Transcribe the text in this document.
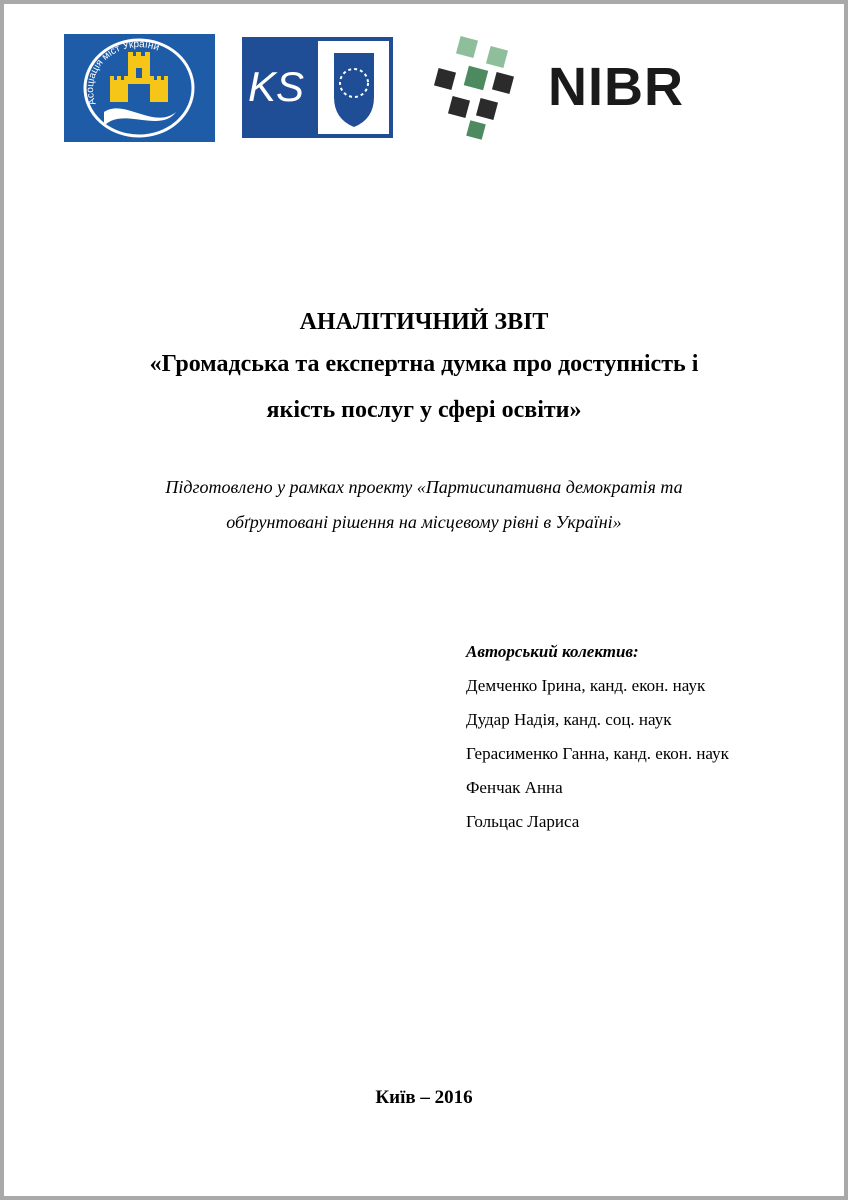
Асоціація міст України
KS	NIBR
АНАЛІТИЧНИЙ ЗВІТ
«Громадська та експертна думка про доступність і
якість послуг у сфері освіти»
Підготовлено у рамках проекту «Партисипативна демократія та
обґрунтовані рішення на місцевому рівні в Україні»
Авторський колектив:
Демченко Ірина, канд. екон. наук
Дудар Надія, канд. соц. наук
Герасименко Ганна, канд. екон. наук
Фенчак Анна
Гольцас Лариса
Київ – 2016
